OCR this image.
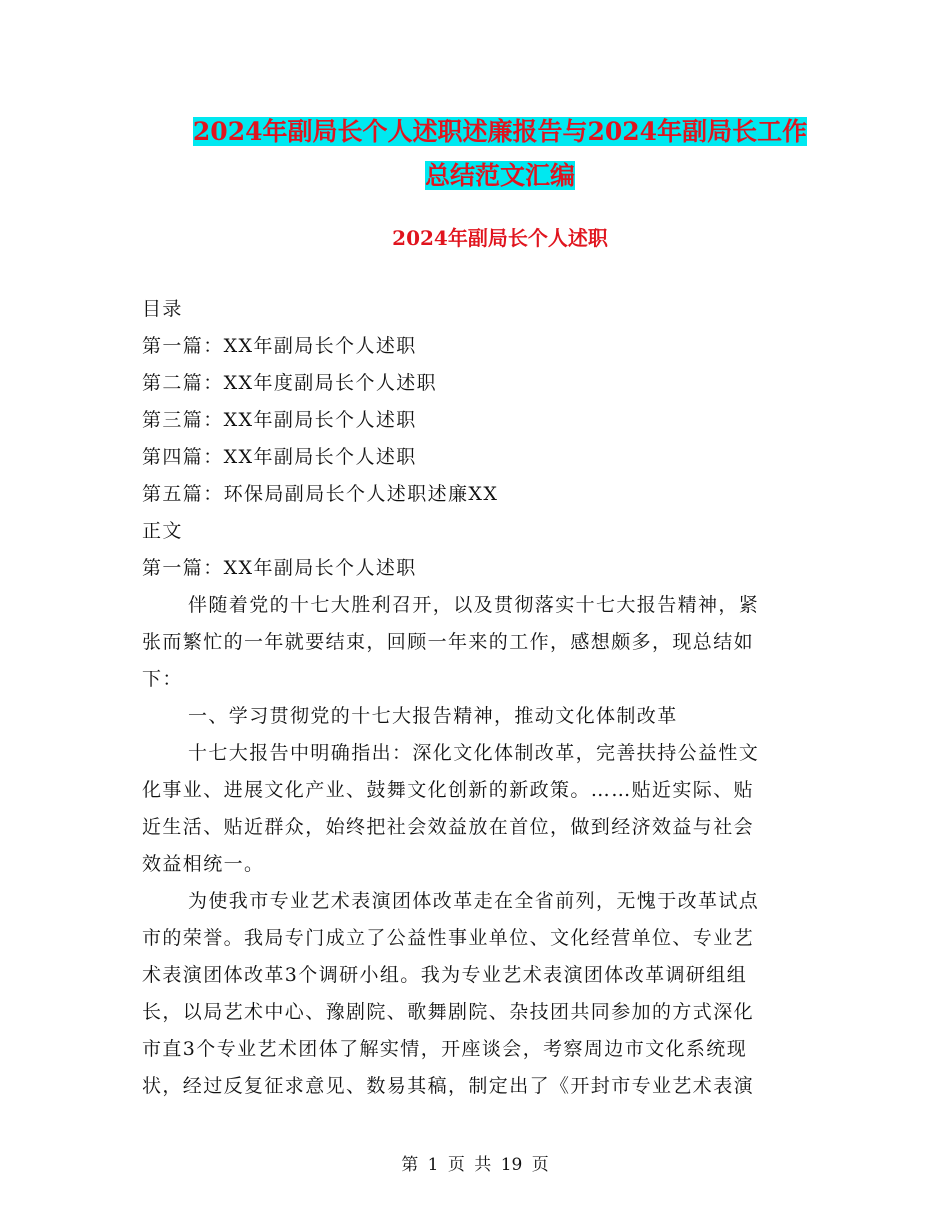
2024年副局长个人述职述廉报告与2024年副局长工作
总结范文汇编
2024年副局长个人述职
目录
第一篇：XX年副局长个人述职
第二篇：XX年度副局长个人述职
第三篇：XX年副局长个人述职
第四篇：XX年副局长个人述职
第五篇：环保局副局长个人述职述廉XX
正文
第一篇：XX年副局长个人述职
伴随着党的十七大胜利召开，以及贯彻落实十七大报告精神，紧
张而繁忙的一年就要结束，回顾一年来的工作，感想颇多，现总结如
下：
一、学习贯彻党的十七大报告精神，推动文化体制改革
十七大报告中明确指出：深化文化体制改革，完善扶持公益性文
化事业、进展文化产业、鼓舞文化创新的新政策。……贴近实际、贴
近生活、贴近群众，始终把社会效益放在首位，做到经济效益与社会
效益相统一。
为使我市专业艺术表演团体改革走在全省前列，无愧于改革试点
市的荣誉。我局专门成立了公益性事业单位、文化经营单位、专业艺
术表演团体改革3个调研小组。我为专业艺术表演团体改革调研组组
长，以局艺术中心、豫剧院、歌舞剧院、杂技团共同参加的方式深化
市直3个专业艺术团体了解实情，开座谈会，考察周边市文化系统现
状，经过反复征求意见、数易其稿，制定出了《开封市专业艺术表演
第 1 页 共 19 页
